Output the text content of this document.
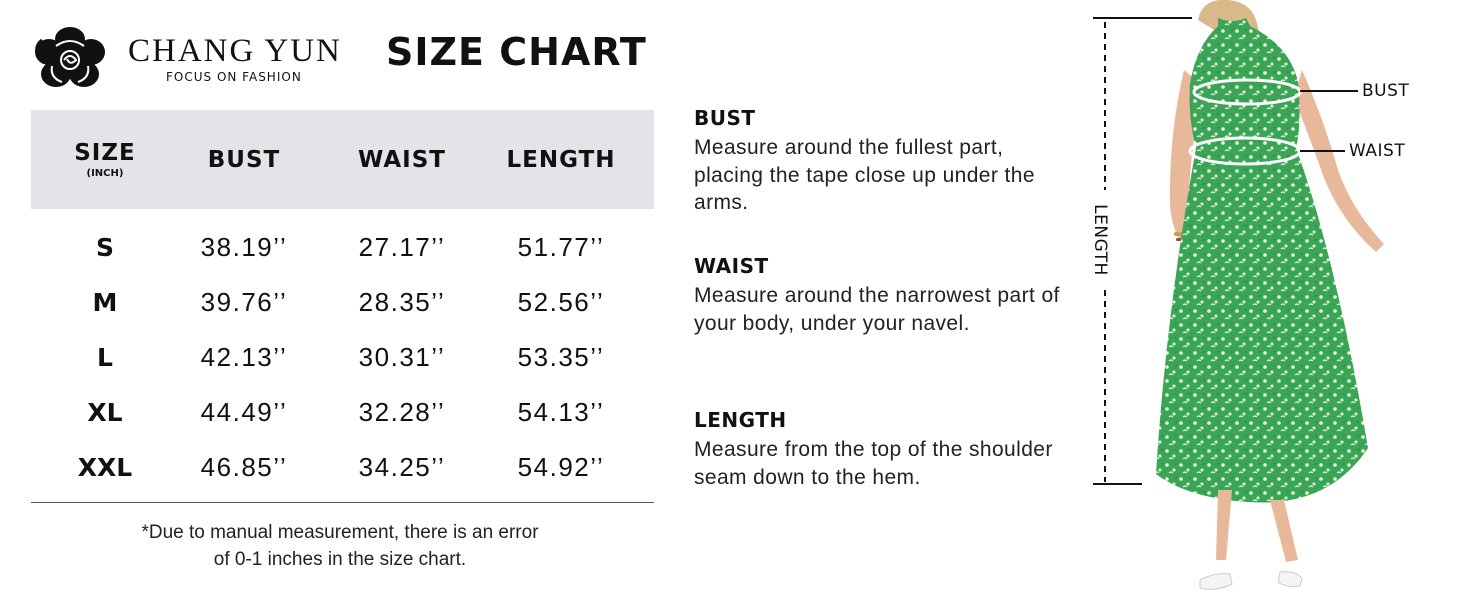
CHANG YUN
FOCUS ON FASHION
SIZE CHART
SIZE
(INCH)
BUST	WAIST	LENGTH
S	38.19’’	27.17’’	51.77’’
M	39.76’’	28.35’’	52.56’’
L	42.13’’	30.31’’	53.35’’
XL	44.49’’	32.28’’	54.13’’
XXL	46.85’’	34.25’’	54.92’’
*Due to manual measurement, there is an error
of 0-1 inches in the size chart.
BUST
Measure around the fullest part, placing the tape close up under the arms.
WAIST
Measure around the narrowest part of your body, under your navel.
LENGTH
Measure from the top of the shoulder seam down to the hem.
BUST
WAIST
LENGTH
